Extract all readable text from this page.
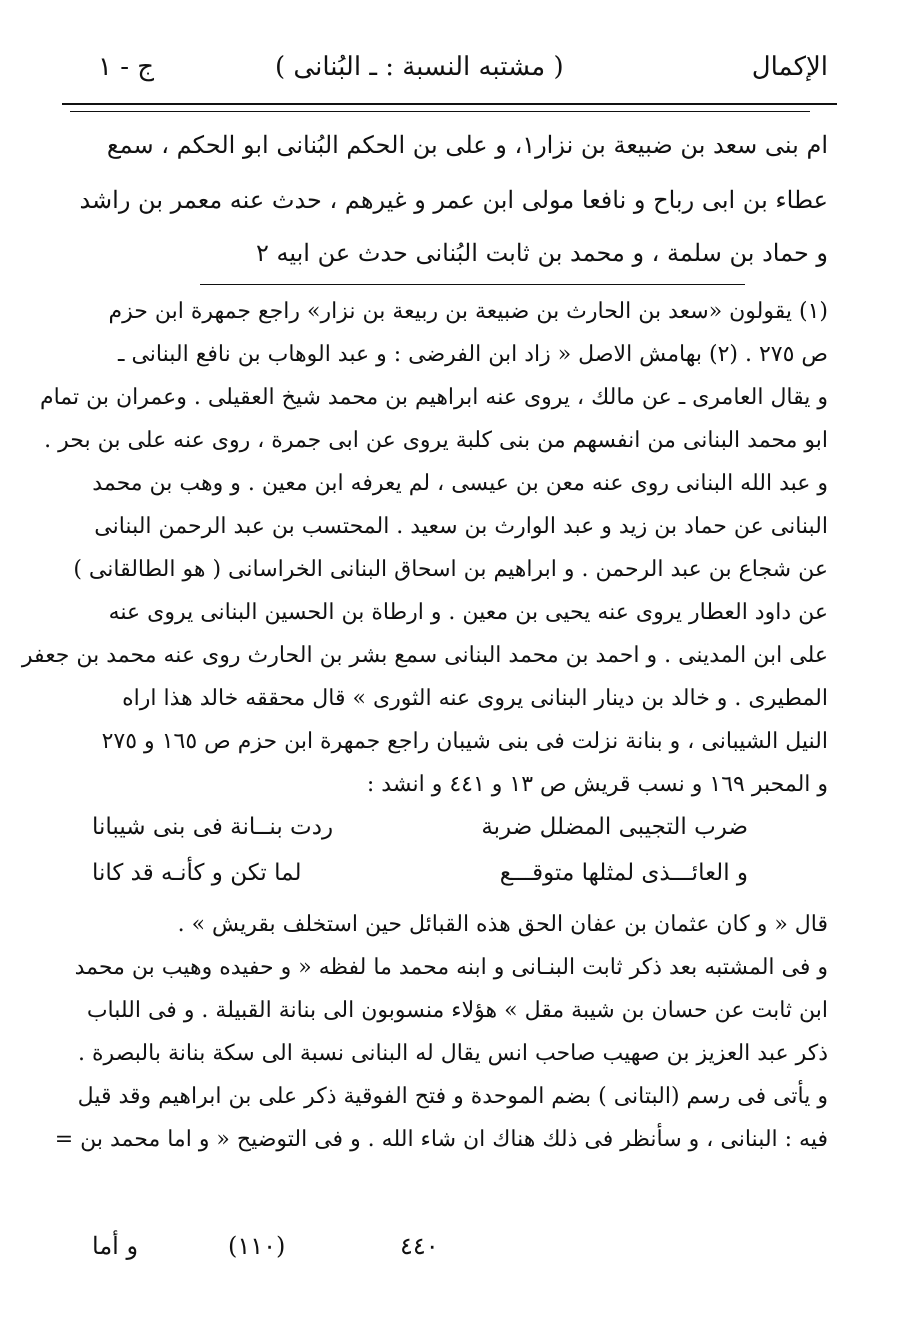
الإكمال
( مشتبه النسبة : ـ البُنانى )
ج - ١
ام بنى سعد بن ضبيعة بن نزار١، و على بن الحكم البُنانى ابو الحكم ، سمع
عطاء بن ابى رباح و نافعا مولى ابن عمر و غيرهم ، حدث عنه معمر بن راشد
و حماد بن سلمة ، و محمد بن ثابت البُنانى حدث عن ابيه ٢
(١) يقولون «سعد بن الحارث بن ضبيعة بن ربيعة بن نزار» راجع جمهرة ابن حزم
ص ٢٧٥ . (٢) بهامش الاصل « زاد ابن الفرضى : و عبد الوهاب بن نافع البنانى ـ
و يقال العامرى ـ عن مالك ، يروى عنه ابراهيم بن محمد شيخ العقيلى . وعمران بن تمام
ابو محمد البنانى من انفسهم من بنى كلبة يروى عن ابى جمرة ، روى عنه على بن بحر .
و عبد الله البنانى روى عنه معن بن عيسى ، لم يعرفه ابن معين . و وهب بن محمد
البنانى عن حماد بن زيد و عبد الوارث بن سعيد . المحتسب بن عبد الرحمن البنانى
عن شجاع بن عبد الرحمن . و ابراهيم بن اسحاق البنانى الخراسانى ( هو الطالقانى )
عن داود العطار يروى عنه يحيى بن معين . و ارطاة بن الحسين البنانى يروى عنه
على ابن المدينى . و احمد بن محمد البنانى سمع بشر بن الحارث روى عنه محمد بن جعفر
المطيرى . و خالد بن دينار البنانى يروى عنه الثورى » قال محققه خالد هذا اراه
النيل الشيبانى ، و بنانة نزلت فى بنى شيبان راجع جمهرة ابن حزم ص ١٦٥ و ٢٧٥
و المحبر ١٦٩ و نسب قريش ص ١٣ و ٤٤١ و انشد :
ضرب التجيبى المضلل ضربة
ردت بنــانة فى بنى شيبانا
و العائـــذى لمثلها متوقـــع
لما تكن و كأنـه قد كانا
قال « و كان عثمان بن عفان الحق هذه القبائل حين استخلف بقريش » .
و فى المشتبه بعد ذكر ثابت البنـانى و ابنه محمد ما لفظه « و حفيده وهيب بن محمد
ابن ثابت عن حسان بن شيبة مقل » هؤلاء منسوبون الى بنانة القبيلة . و فى اللباب
ذكر عبد العزيز بن صهيب صاحب انس يقال له البنانى نسبة الى سكة بنانة بالبصرة .
و يأتى فى رسم (البتانى ) بضم الموحدة و فتح الفوقية ذكر على بن ابراهيم وقد قيل
فيه : البنانى ، و سأنظر فى ذلك هناك ان شاء الله . و فى التوضيح « و اما محمد بن =
٤٤٠
(١١٠)
و أما
